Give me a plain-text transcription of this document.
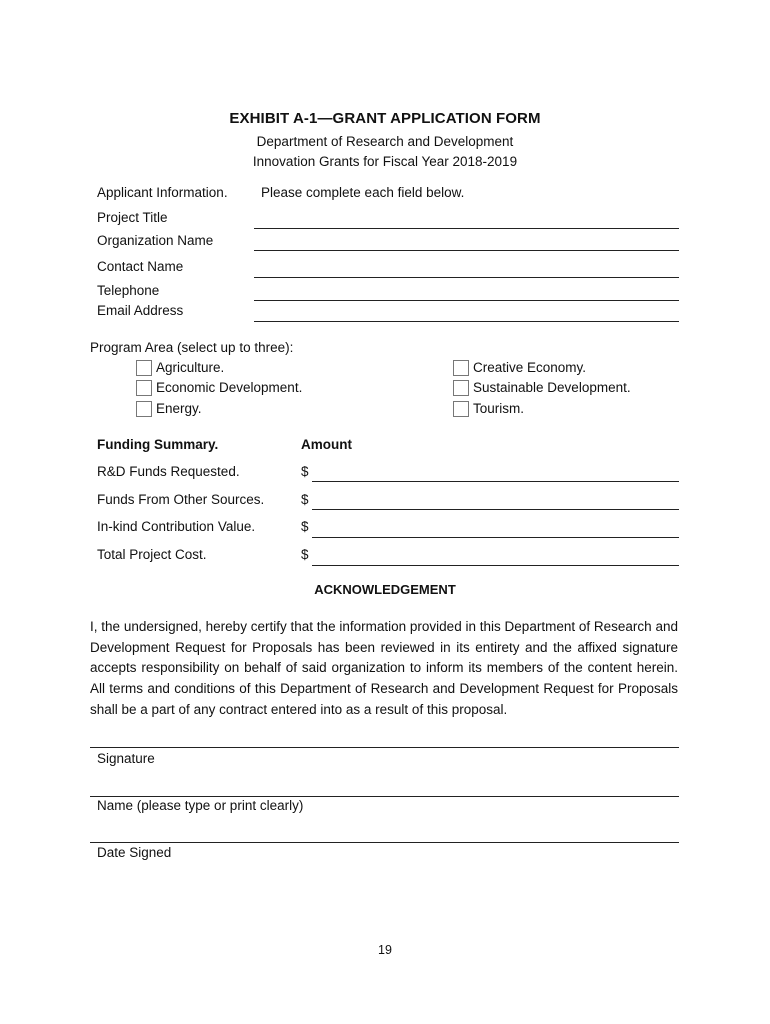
EXHIBIT A-1—GRANT APPLICATION FORM
Department of Research and Development
Innovation Grants for Fiscal Year 2018-2019
Applicant Information. Please complete each field below.
Project Title
Organization Name
Contact Name
Telephone
Email Address
Program Area (select up to three):
Agriculture.
Economic Development.
Energy.
Creative Economy.
Sustainable Development.
Tourism.
Funding Summary.	Amount
R&D Funds Requested.	$
Funds From Other Sources.	$
In-kind Contribution Value.	$
Total Project Cost.	$
ACKNOWLEDGEMENT
I, the undersigned, hereby certify that the information provided in this Department of Research and Development Request for Proposals has been reviewed in its entirety and the affixed signature accepts responsibility on behalf of said organization to inform its members of the content herein. All terms and conditions of this Department of Research and Development Request for Proposals shall be a part of any contract entered into as a result of this proposal.
Signature
Name (please type or print clearly)
Date Signed
19
